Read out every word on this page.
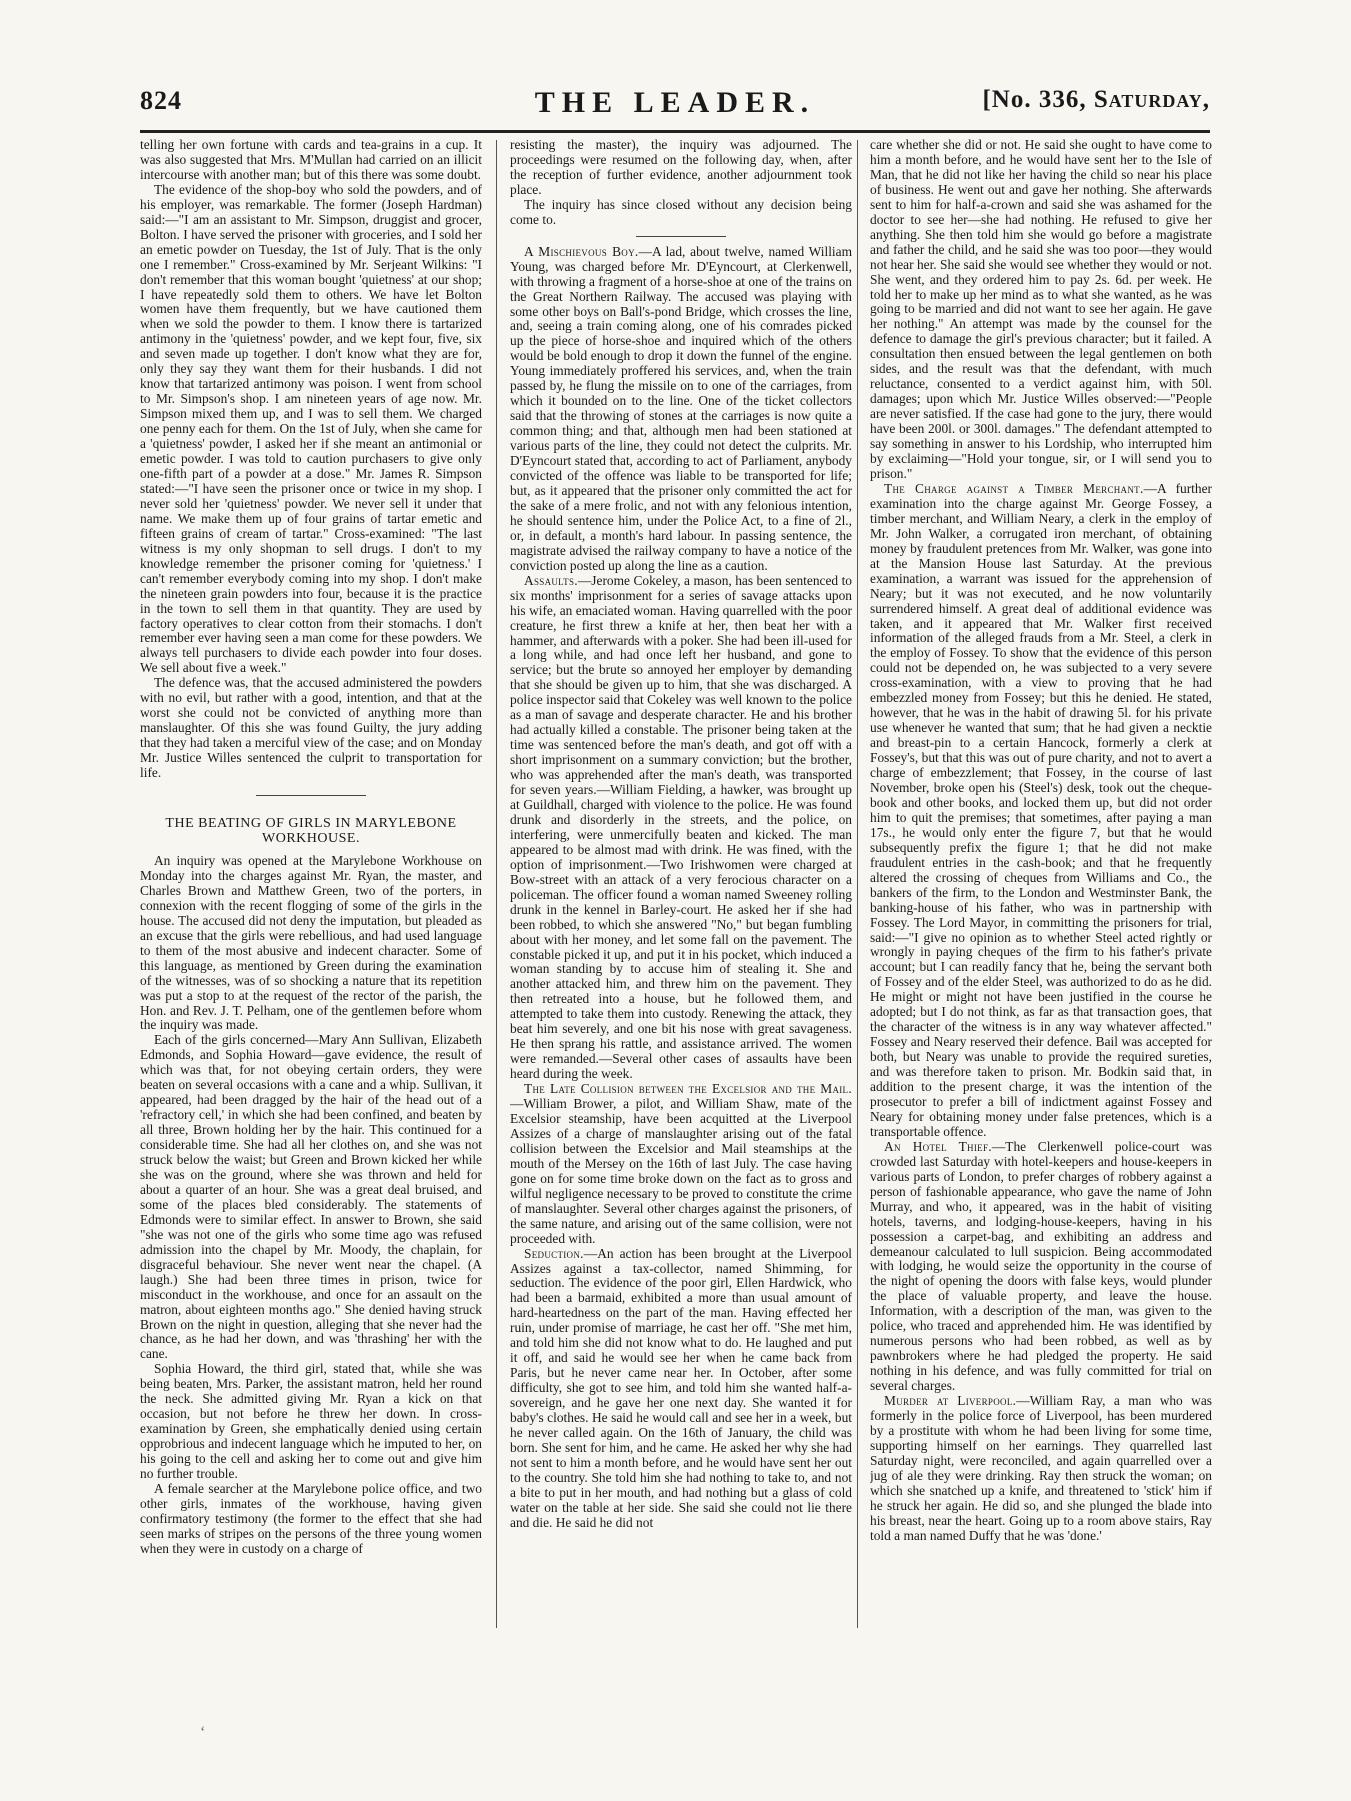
824	THE LEADER.	[No. 336, Saturday,

telling her own fortune with cards and tea-grains in a cup. It was also suggested that Mrs. M'Mullan had carried on an illicit intercourse with another man; but of this there was some doubt.

The evidence of the shop-boy who sold the powders, and of his employer, was remarkable. The former (Joseph Hardman) said:—"I am an assistant to Mr. Simpson, druggist and grocer, Bolton. I have served the prisoner with groceries, and I sold her an emetic powder on Tuesday, the 1st of July. That is the only one I remember." Cross-examined by Mr. Serjeant Wilkins: "I don't remember that this woman bought 'quietness' at our shop; I have repeatedly sold them to others. We have let Bolton women have them frequently, but we have cautioned them when we sold the powder to them. I know there is tartarized antimony in the 'quietness' powder, and we kept four, five, six and seven made up together. I don't know what they are for, only they say they want them for their husbands. I did not know that tartarized antimony was poison. I went from school to Mr. Simpson's shop. I am nineteen years of age now. Mr. Simpson mixed them up, and I was to sell them. We charged one penny each for them. On the 1st of July, when she came for a 'quietness' powder, I asked her if she meant an antimonial or emetic powder. I was told to caution purchasers to give only one-fifth part of a powder at a dose." Mr. James R. Simpson stated:—"I have seen the prisoner once or twice in my shop. I never sold her 'quietness' powder. We never sell it under that name. We make them up of four grains of tartar emetic and fifteen grains of cream of tartar." Cross-examined: "The last witness is my only shopman to sell drugs. I don't to my knowledge remember the prisoner coming for 'quietness.' I can't remember everybody coming into my shop. I don't make the nineteen grain powders into four, because it is the practice in the town to sell them in that quantity. They are used by factory operatives to clear cotton from their stomachs. I don't remember ever having seen a man come for these powders. We always tell purchasers to divide each powder into four doses. We sell about five a week."

The defence was, that the accused administered the powders with no evil, but rather with a good, intention, and that at the worst she could not be convicted of anything more than manslaughter. Of this she was found Guilty, the jury adding that they had taken a merciful view of the case; and on Monday Mr. Justice Willes sentenced the culprit to transportation for life.

THE BEATING OF GIRLS IN MARYLEBONE WORKHOUSE.

An inquiry was opened at the Marylebone Workhouse on Monday into the charges against Mr. Ryan, the master, and Charles Brown and Matthew Green, two of the porters, in connexion with the recent flogging of some of the girls in the house. The accused did not deny the imputation, but pleaded as an excuse that the girls were rebellious, and had used language to them of the most abusive and indecent character. Some of this language, as mentioned by Green during the examination of the witnesses, was of so shocking a nature that its repetition was put a stop to at the request of the rector of the parish, the Hon. and Rev. J. T. Pelham, one of the gentlemen before whom the inquiry was made.

Each of the girls concerned—Mary Ann Sullivan, Elizabeth Edmonds, and Sophia Howard—gave evidence, the result of which was that, for not obeying certain orders, they were beaten on several occasions with a cane and a whip. Sullivan, it appeared, had been dragged by the hair of the head out of a 'refractory cell,' in which she had been confined, and beaten by all three, Brown holding her by the hair. This continued for a considerable time. She had all her clothes on, and she was not struck below the waist; but Green and Brown kicked her while she was on the ground, where she was thrown and held for about a quarter of an hour. She was a great deal bruised, and some of the places bled considerably. The statements of Edmonds were to similar effect. In answer to Brown, she said "she was not one of the girls who some time ago was refused admission into the chapel by Mr. Moody, the chaplain, for disgraceful behaviour. She never went near the chapel. (A laugh.) She had been three times in prison, twice for misconduct in the workhouse, and once for an assault on the matron, about eighteen months ago." She denied having struck Brown on the night in question, alleging that she never had the chance, as he had her down, and was 'thrashing' her with the cane.

Sophia Howard, the third girl, stated that, while she was being beaten, Mrs. Parker, the assistant matron, held her round the neck. She admitted giving Mr. Ryan a kick on that occasion, but not before he threw her down. In cross-examination by Green, she emphatically denied using certain opprobrious and indecent language which he imputed to her, on his going to the cell and asking her to come out and give him no further trouble.

A female searcher at the Marylebone police office, and two other girls, inmates of the workhouse, having given confirmatory testimony (the former to the effect that she had seen marks of stripes on the persons of the three young women when they were in custody on a charge of

resisting the master), the inquiry was adjourned. The proceedings were resumed on the following day, when, after the reception of further evidence, another adjournment took place.

The inquiry has since closed without any decision being come to.

A Mischievous Boy.—A lad, about twelve, named William Young, was charged before Mr. D'Eyncourt, at Clerkenwell, with throwing a fragment of a horse-shoe at one of the trains on the Great Northern Railway. The accused was playing with some other boys on Ball's-pond Bridge, which crosses the line, and, seeing a train coming along, one of his comrades picked up the piece of horse-shoe and inquired which of the others would be bold enough to drop it down the funnel of the engine. Young immediately proffered his services, and, when the train passed by, he flung the missile on to one of the carriages, from which it bounded on to the line. One of the ticket collectors said that the throwing of stones at the carriages is now quite a common thing; and that, although men had been stationed at various parts of the line, they could not detect the culprits. Mr. D'Eyncourt stated that, according to act of Parliament, anybody convicted of the offence was liable to be transported for life; but, as it appeared that the prisoner only committed the act for the sake of a mere frolic, and not with any felonious intention, he should sentence him, under the Police Act, to a fine of 2l., or, in default, a month's hard labour. In passing sentence, the magistrate advised the railway company to have a notice of the conviction posted up along the line as a caution.

Assaults.—Jerome Cokeley, a mason, has been sentenced to six months' imprisonment for a series of savage attacks upon his wife, an emaciated woman. Having quarrelled with the poor creature, he first threw a knife at her, then beat her with a hammer, and afterwards with a poker. She had been ill-used for a long while, and had once left her husband, and gone to service; but the brute so annoyed her employer by demanding that she should be given up to him, that she was discharged. A police inspector said that Cokeley was well known to the police as a man of savage and desperate character. He and his brother had actually killed a constable. The prisoner being taken at the time was sentenced before the man's death, and got off with a short imprisonment on a summary conviction; but the brother, who was apprehended after the man's death, was transported for seven years.—William Fielding, a hawker, was brought up at Guildhall, charged with violence to the police. He was found drunk and disorderly in the streets, and the police, on interfering, were unmercifully beaten and kicked. The man appeared to be almost mad with drink. He was fined, with the option of imprisonment.—Two Irishwomen were charged at Bow-street with an attack of a very ferocious character on a policeman. The officer found a woman named Sweeney rolling drunk in the kennel in Barley-court. He asked her if she had been robbed, to which she answered "No," but began fumbling about with her money, and let some fall on the pavement. The constable picked it up, and put it in his pocket, which induced a woman standing by to accuse him of stealing it. She and another attacked him, and threw him on the pavement. They then retreated into a house, but he followed them, and attempted to take them into custody. Renewing the attack, they beat him severely, and one bit his nose with great savageness. He then sprang his rattle, and assistance arrived. The women were remanded.—Several other cases of assaults have been heard during the week.

The Late Collision between the Excelsior and the Mail.—William Brower, a pilot, and William Shaw, mate of the Excelsior steamship, have been acquitted at the Liverpool Assizes of a charge of manslaughter arising out of the fatal collision between the Excelsior and Mail steamships at the mouth of the Mersey on the 16th of last July. The case having gone on for some time broke down on the fact as to gross and wilful negligence necessary to be proved to constitute the crime of manslaughter. Several other charges against the prisoners, of the same nature, and arising out of the same collision, were not proceeded with.

Seduction.—An action has been brought at the Liverpool Assizes against a tax-collector, named Shimming, for seduction. The evidence of the poor girl, Ellen Hardwick, who had been a barmaid, exhibited a more than usual amount of hard-heartedness on the part of the man. Having effected her ruin, under promise of marriage, he cast her off. "She met him, and told him she did not know what to do. He laughed and put it off, and said he would see her when he came back from Paris, but he never came near her. In October, after some difficulty, she got to see him, and told him she wanted half-a-sovereign, and he gave her one next day. She wanted it for baby's clothes. He said he would call and see her in a week, but he never called again. On the 16th of January, the child was born. She sent for him, and he came. He asked her why she had not sent to him a month before, and he would have sent her out to the country. She told him she had nothing to take to, and not a bite to put in her mouth, and had nothing but a glass of cold water on the table at her side. She said she could not lie there and die. He said he did not

care whether she did or not. He said she ought to have come to him a month before, and he would have sent her to the Isle of Man, that he did not like her having the child so near his place of business. He went out and gave her nothing. She afterwards sent to him for half-a-crown and said she was ashamed for the doctor to see her—she had nothing. He refused to give her anything. She then told him she would go before a magistrate and father the child, and he said she was too poor—they would not hear her. She said she would see whether they would or not. She went, and they ordered him to pay 2s. 6d. per week. He told her to make up her mind as to what she wanted, as he was going to be married and did not want to see her again. He gave her nothing." An attempt was made by the counsel for the defence to damage the girl's previous character; but it failed. A consultation then ensued between the legal gentlemen on both sides, and the result was that the defendant, with much reluctance, consented to a verdict against him, with 50l. damages; upon which Mr. Justice Willes observed:—"People are never satisfied. If the case had gone to the jury, there would have been 200l. or 300l. damages." The defendant attempted to say something in answer to his Lordship, who interrupted him by exclaiming—"Hold your tongue, sir, or I will send you to prison."

The Charge against a Timber Merchant.—A further examination into the charge against Mr. George Fossey, a timber merchant, and William Neary, a clerk in the employ of Mr. John Walker, a corrugated iron merchant, of obtaining money by fraudulent pretences from Mr. Walker, was gone into at the Mansion House last Saturday. At the previous examination, a warrant was issued for the apprehension of Neary; but it was not executed, and he now voluntarily surrendered himself. A great deal of additional evidence was taken, and it appeared that Mr. Walker first received information of the alleged frauds from a Mr. Steel, a clerk in the employ of Fossey. To show that the evidence of this person could not be depended on, he was subjected to a very severe cross-examination, with a view to proving that he had embezzled money from Fossey; but this he denied. He stated, however, that he was in the habit of drawing 5l. for his private use whenever he wanted that sum; that he had given a necktie and breast-pin to a certain Hancock, formerly a clerk at Fossey's, but that this was out of pure charity, and not to avert a charge of embezzlement; that Fossey, in the course of last November, broke open his (Steel's) desk, took out the cheque-book and other books, and locked them up, but did not order him to quit the premises; that sometimes, after paying a man 17s., he would only enter the figure 7, but that he would subsequently prefix the figure 1; that he did not make fraudulent entries in the cash-book; and that he frequently altered the crossing of cheques from Williams and Co., the bankers of the firm, to the London and Westminster Bank, the banking-house of his father, who was in partnership with Fossey. The Lord Mayor, in committing the prisoners for trial, said:—"I give no opinion as to whether Steel acted rightly or wrongly in paying cheques of the firm to his father's private account; but I can readily fancy that he, being the servant both of Fossey and of the elder Steel, was authorized to do as he did. He might or might not have been justified in the course he adopted; but I do not think, as far as that transaction goes, that the character of the witness is in any way whatever affected." Fossey and Neary reserved their defence. Bail was accepted for both, but Neary was unable to provide the required sureties, and was therefore taken to prison. Mr. Bodkin said that, in addition to the present charge, it was the intention of the prosecutor to prefer a bill of indictment against Fossey and Neary for obtaining money under false pretences, which is a transportable offence.

An Hotel Thief.—The Clerkenwell police-court was crowded last Saturday with hotel-keepers and house-keepers in various parts of London, to prefer charges of robbery against a person of fashionable appearance, who gave the name of John Murray, and who, it appeared, was in the habit of visiting hotels, taverns, and lodging-house-keepers, having in his possession a carpet-bag, and exhibiting an address and demeanour calculated to lull suspicion. Being accommodated with lodging, he would seize the opportunity in the course of the night of opening the doors with false keys, would plunder the place of valuable property, and leave the house. Information, with a description of the man, was given to the police, who traced and apprehended him. He was identified by numerous persons who had been robbed, as well as by pawnbrokers where he had pledged the property. He said nothing in his defence, and was fully committed for trial on several charges.

Murder at Liverpool.—William Ray, a man who was formerly in the police force of Liverpool, has been murdered by a prostitute with whom he had been living for some time, supporting himself on her earnings. They quarrelled last Saturday night, were reconciled, and again quarrelled over a jug of ale they were drinking. Ray then struck the woman; on which she snatched up a knife, and threatened to 'stick' him if he struck her again. He did so, and she plunged the blade into his breast, near the heart. Going up to a room above stairs, Ray told a man named Duffy that he was 'done.'

‘
